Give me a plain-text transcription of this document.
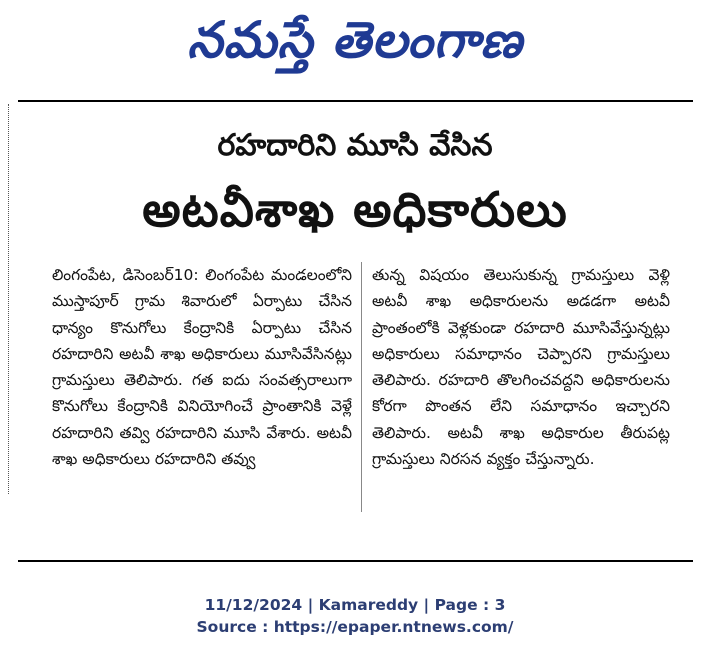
నమస్తే తెలంగాణ
రహదారిని మూసి వేసిన
అటవీశాఖ అధికారులు
లింగంపేట, డిసెంబర్10: లింగంపేట మండలంలోని ముస్తాపూర్ గ్రామ శివారులో ఏర్పాటు చేసిన ధాన్యం కొనుగోలు కేంద్రానికి ఏర్పాటు చేసిన రహదారిని అటవీ శాఖ అధికారులు మూసివేసినట్లు గ్రామస్తులు తెలిపారు. గత ఐదు సంవత్సరాలుగా కొనుగోలు కేంద్రానికి వినియోగించే ప్రాంతానికి వెళ్లే రహదారిని తవ్వి రహదారిని మూసి వేశారు. అటవీ శాఖ అధికారులు రహదారిని తవ్వు
తున్న విషయం తెలుసుకున్న గ్రామస్తులు వెళ్లి అటవీ శాఖ అధికారులను అడడగా అటవీ ప్రాంతంలోకి వెళ్లకుండా రహదారి మూసివేస్తున్నట్లు అధికారులు సమాధానం చెప్పారని గ్రామస్తులు తెలిపారు. రహదారి తొలగించవద్దని అధికారులను కోరగా పొంతన లేని సమాధానం ఇచ్చారని తెలిపారు. అటవీ శాఖ అధికారుల తీరుపట్ల గ్రామస్తులు నిరసన వ్యక్తం చేస్తున్నారు.
11/12/2024 | Kamareddy | Page : 3
Source : https://epaper.ntnews.com/
